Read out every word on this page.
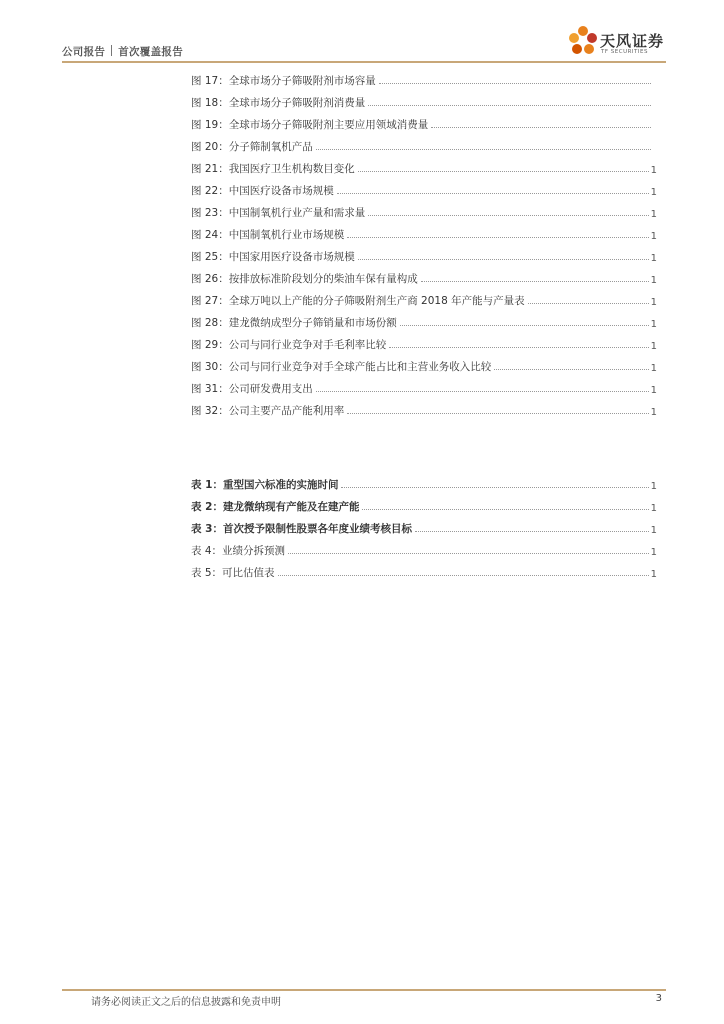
公司报告 首次覆盖报告
天风证券
TF SECURITIES
图 17：全球市场分子筛吸附剂市场容量
图 18：全球市场分子筛吸附剂消费量
图 19：全球市场分子筛吸附剂主要应用领域消费量
图 20：分子筛制氧机产品
图 21：我国医疗卫生机构数目变化	1
图 22：中国医疗设备市场规模	1
图 23：中国制氧机行业产量和需求量	1
图 24：中国制氧机行业市场规模	1
图 25：中国家用医疗设备市场规模	1
图 26：按排放标准阶段划分的柴油车保有量构成	1
图 27：全球万吨以上产能的分子筛吸附剂生产商 2018 年产能与产量表	1
图 28：建龙微纳成型分子筛销量和市场份额	1
图 29：公司与同行业竞争对手毛利率比较	1
图 30：公司与同行业竞争对手全球产能占比和主营业务收入比较	1
图 31：公司研发费用支出	1
图 32：公司主要产品产能利用率	1
表 1：重型国六标准的实施时间	1
表 2：建龙微纳现有产能及在建产能	1
表 3：首次授予限制性股票各年度业绩考核目标	1
表 4：业绩分拆预测	1
表 5：可比估值表	1
请务必阅读正文之后的信息披露和免责申明	3
